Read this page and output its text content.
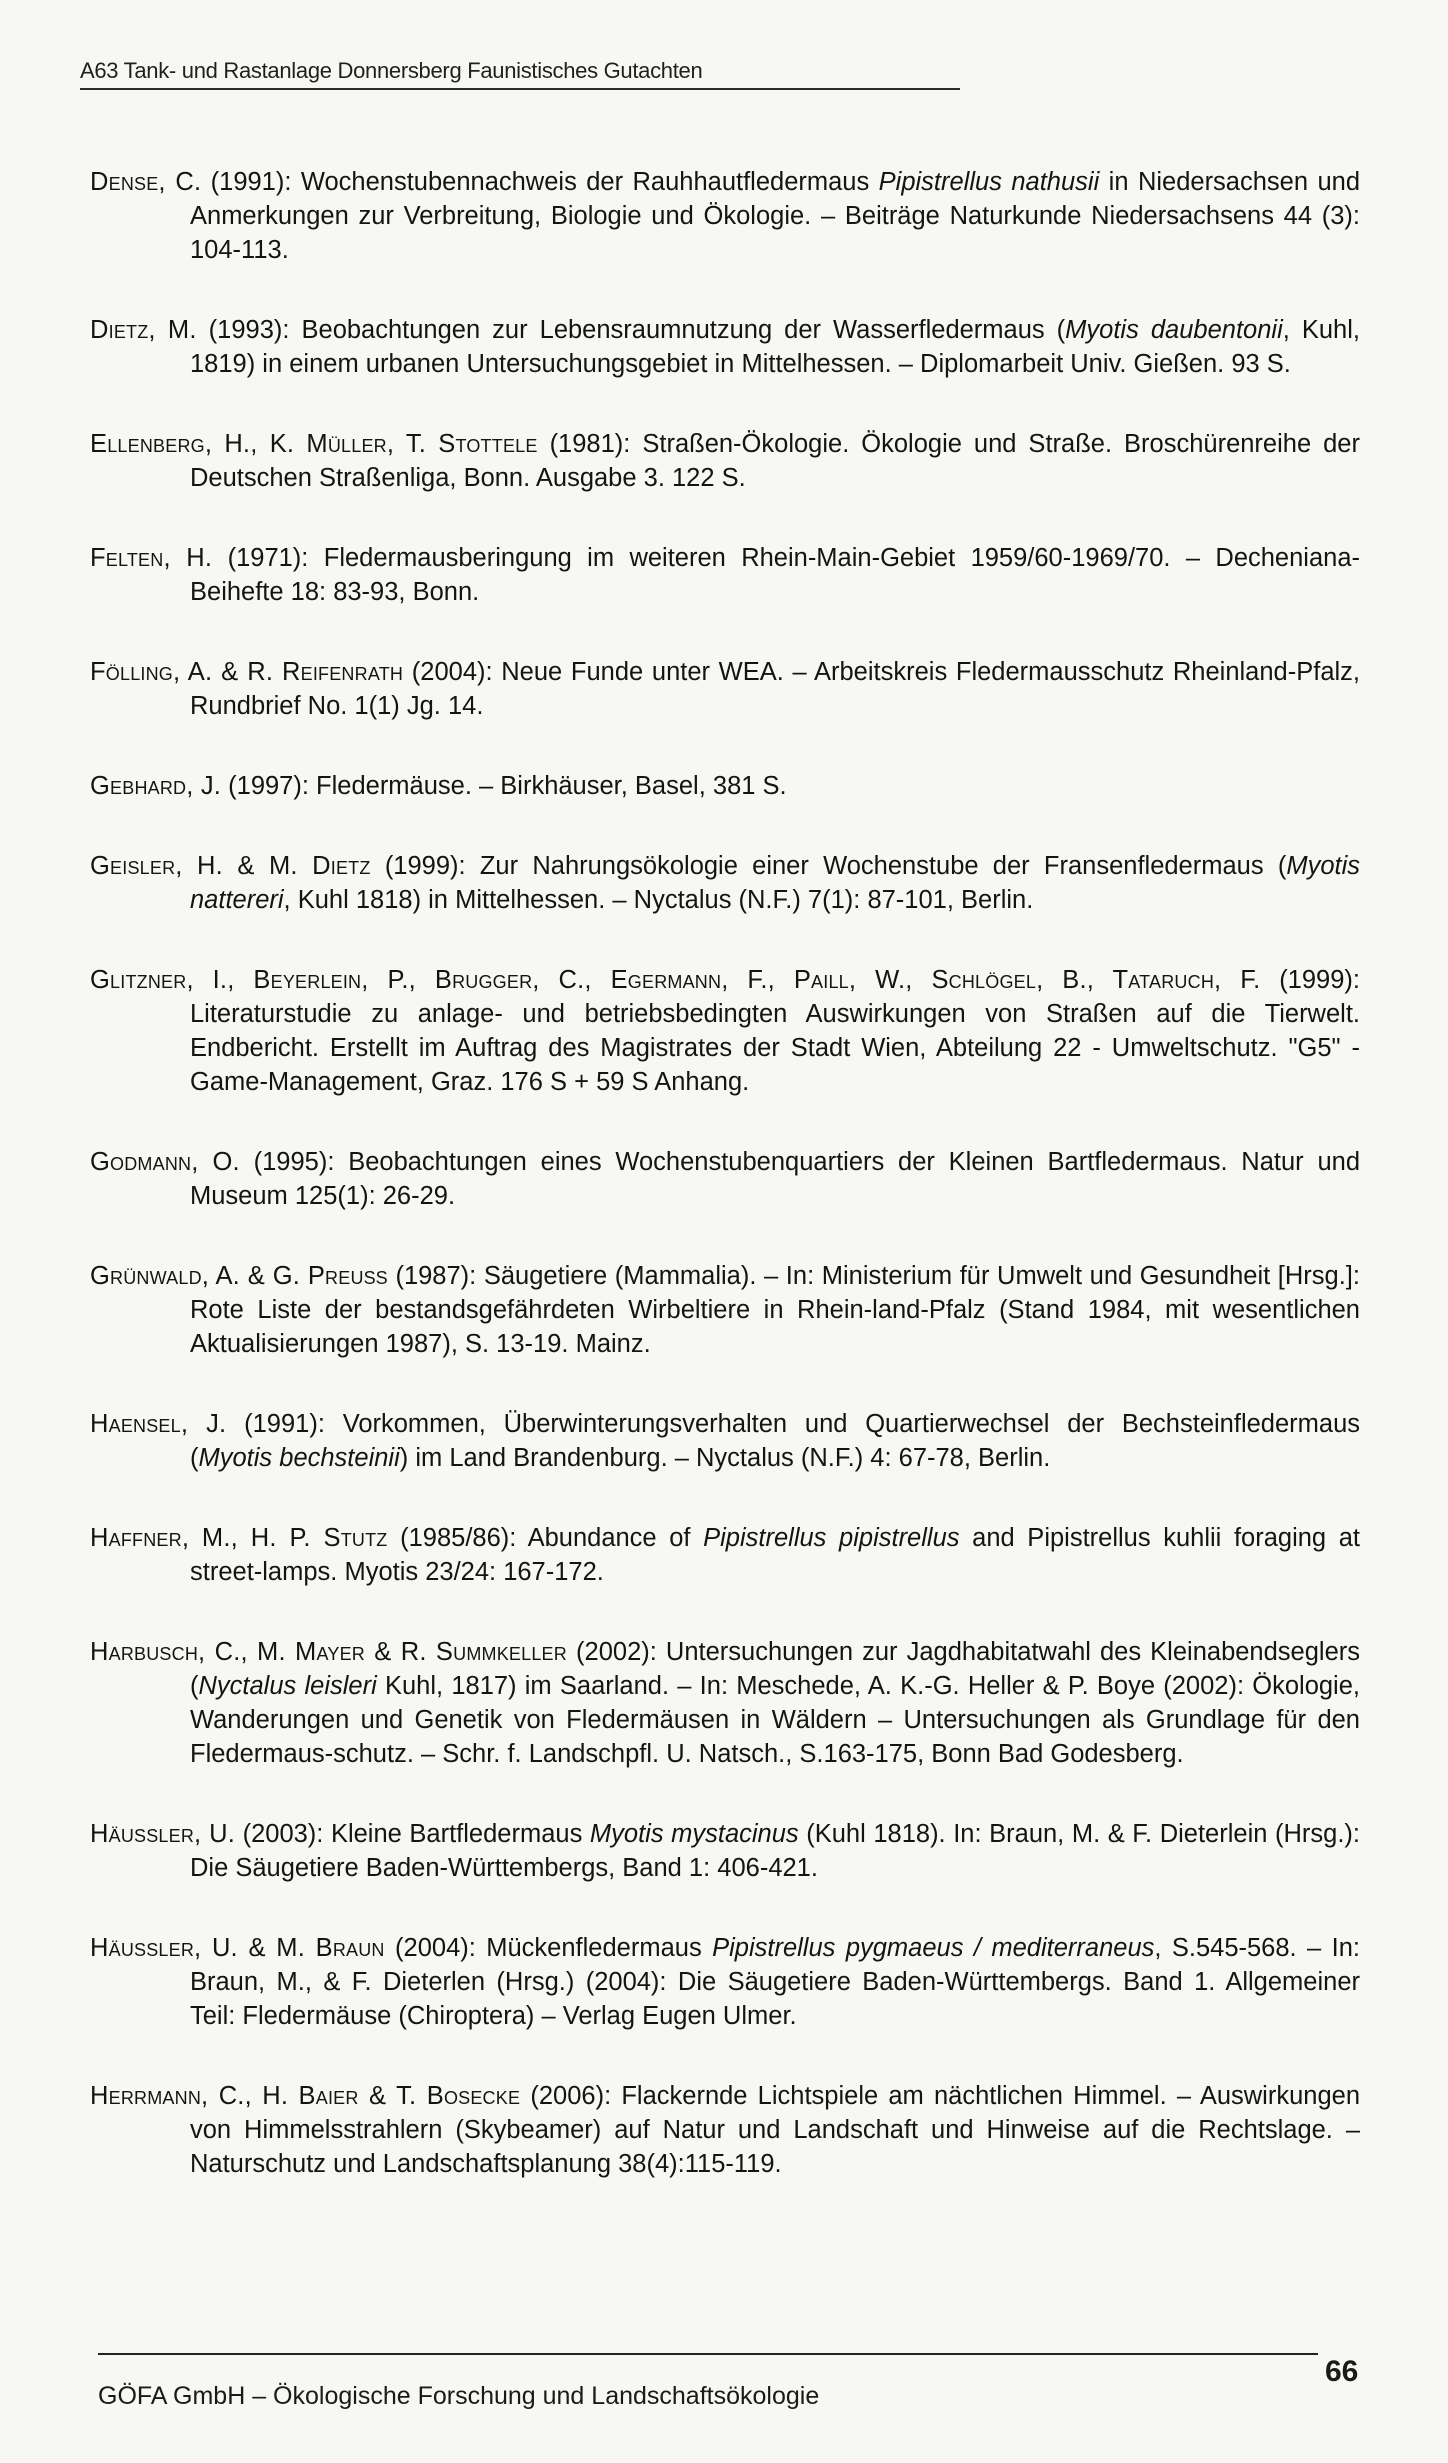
A63 Tank- und Rastanlage Donnersberg Faunistisches Gutachten

Dense, C. (1991): Wochenstubennachweis der Rauhhautfledermaus Pipistrellus nathusii in Niedersachsen und Anmerkungen zur Verbreitung, Biologie und Ökologie. – Beiträge Naturkunde Niedersachsens 44 (3): 104-113.

Dietz, M. (1993): Beobachtungen zur Lebensraumnutzung der Wasserfledermaus (Myotis daubentonii, Kuhl, 1819) in einem urbanen Untersuchungsgebiet in Mittelhessen. – Diplomarbeit Univ. Gießen. 93 S.

Ellenberg, H., K. Müller, T. Stottele (1981): Straßen-Ökologie. Ökologie und Straße. Broschürenreihe der Deutschen Straßenliga, Bonn. Ausgabe 3. 122 S.

Felten, H. (1971): Fledermausberingung im weiteren Rhein-Main-Gebiet 1959/60-1969/70. – Decheniana-Beihefte 18: 83-93, Bonn.

Fölling, A. & R. Reifenrath (2004): Neue Funde unter WEA. – Arbeitskreis Fledermausschutz Rheinland-Pfalz, Rundbrief No. 1(1) Jg. 14.

Gebhard, J. (1997): Fledermäuse. – Birkhäuser, Basel, 381 S.

Geisler, H. & M. Dietz (1999): Zur Nahrungsökologie einer Wochenstube der Fransenfledermaus (Myotis nattereri, Kuhl 1818) in Mittelhessen. – Nyctalus (N.F.) 7(1): 87-101, Berlin.

Glitzner, I., Beyerlein, P., Brugger, C., Egermann, F., Paill, W., Schlögel, B., Tataruch, F. (1999): Literaturstudie zu anlage- und betriebsbedingten Auswirkungen von Straßen auf die Tierwelt. Endbericht. Erstellt im Auftrag des Magistrates der Stadt Wien, Abteilung 22 - Umweltschutz. "G5" - Game-Management, Graz. 176 S + 59 S Anhang.

Godmann, O. (1995): Beobachtungen eines Wochenstubenquartiers der Kleinen Bartfledermaus. Natur und Museum 125(1): 26-29.

Grünwald, A. & G. Preuß (1987): Säugetiere (Mammalia). – In: Ministerium für Umwelt und Gesundheit [Hrsg.]: Rote Liste der bestandsgefährdeten Wirbeltiere in Rhein-land-Pfalz (Stand 1984, mit wesentlichen Aktualisierungen 1987), S. 13-19. Mainz.

Haensel, J. (1991): Vorkommen, Überwinterungsverhalten und Quartierwechsel der Bechsteinfledermaus (Myotis bechsteinii) im Land Brandenburg. – Nyctalus (N.F.) 4: 67-78, Berlin.

Haffner, M., H. P. Stutz (1985/86): Abundance of Pipistrellus pipistrellus and Pipistrellus kuhlii foraging at street-lamps. Myotis 23/24: 167-172.

Harbusch, C., M. Mayer & R. Summkeller (2002): Untersuchungen zur Jagdhabitatwahl des Kleinabendseglers (Nyctalus leisleri Kuhl, 1817) im Saarland. – In: Meschede, A. K.-G. Heller & P. Boye (2002): Ökologie, Wanderungen und Genetik von Fledermäusen in Wäldern – Untersuchungen als Grundlage für den Fledermaus-schutz. – Schr. f. Landschpfl. U. Natsch., S.163-175, Bonn Bad Godesberg.

Häussler, U. (2003): Kleine Bartfledermaus Myotis mystacinus (Kuhl 1818). In: Braun, M. & F. Dieterlein (Hrsg.): Die Säugetiere Baden-Württembergs, Band 1: 406-421.

Häussler, U. & M. Braun (2004): Mückenfledermaus Pipistrellus pygmaeus / mediterraneus, S.545-568. – In: Braun, M., & F. Dieterlen (Hrsg.) (2004): Die Säugetiere Baden-Württembergs. Band 1. Allgemeiner Teil: Fledermäuse (Chiroptera) – Verlag Eugen Ulmer.

Herrmann, C., H. Baier & T. Bosecke (2006): Flackernde Lichtspiele am nächtlichen Himmel. – Auswirkungen von Himmelsstrahlern (Skybeamer) auf Natur und Landschaft und Hinweise auf die Rechtslage. – Naturschutz und Landschaftsplanung 38(4):115-119.

GÖFA GmbH – Ökologische Forschung und Landschaftsökologie
66
